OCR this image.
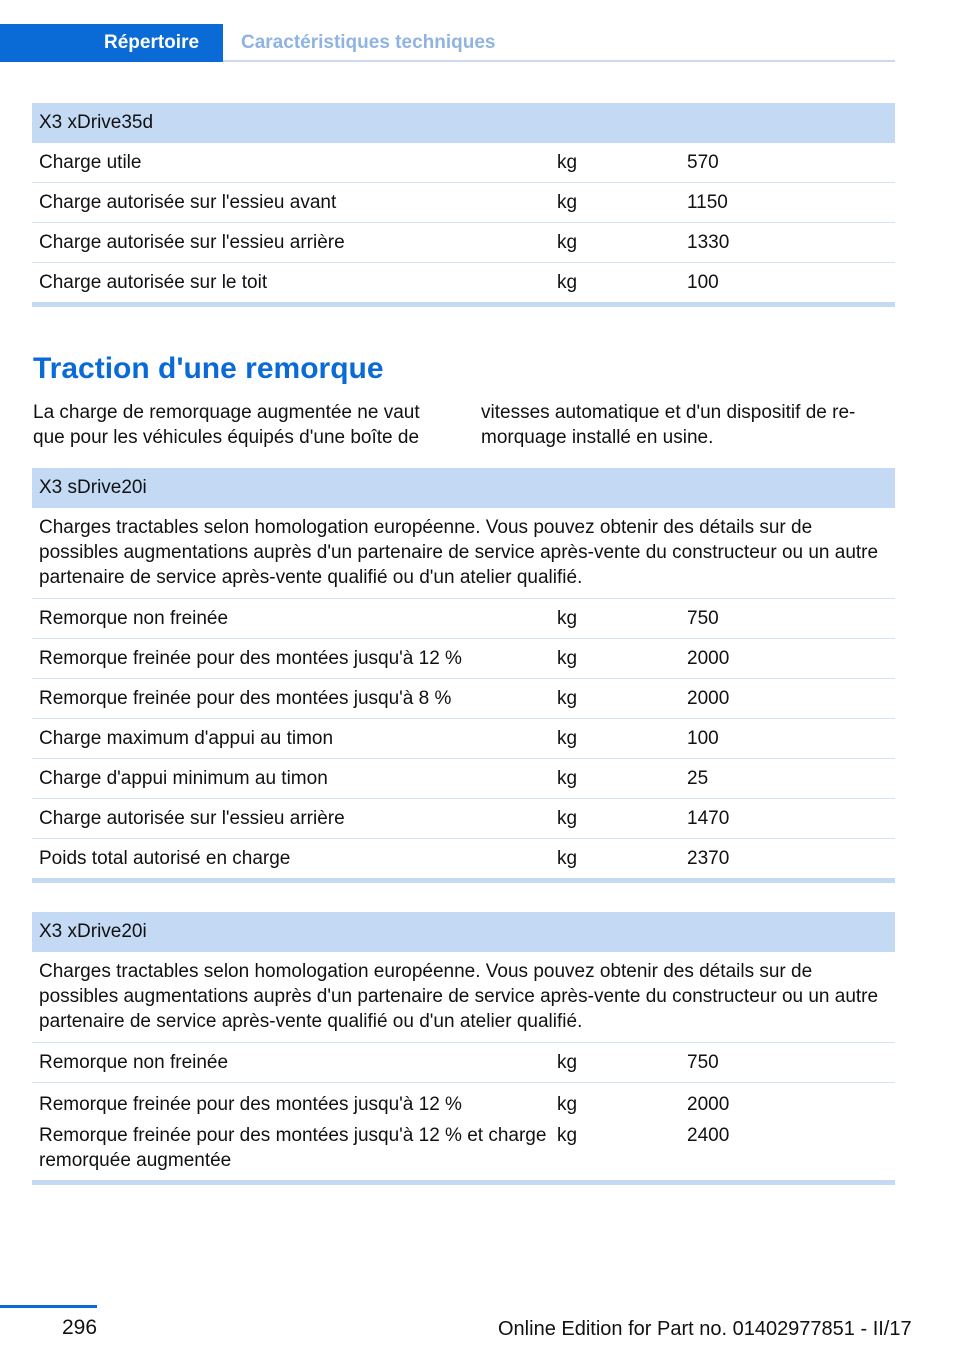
Répertoire	Caractéristiques techniques
X3 xDrive35d		
Charge utile	kg	570
Charge autorisée sur l'essieu avant	kg	1150
Charge autorisée sur l'essieu arrière	kg	1330
Charge autorisée sur le toit	kg	100
Traction d'une remorque
La charge de remorquage augmentée ne vaut que pour les véhicules équipés d'une boîte de
vitesses automatique et d'un dispositif de re-morquage installé en usine.
X3 sDrive20i		
Charges tractables selon homologation européenne. Vous pouvez obtenir des détails sur de possibles augmentations auprès d'un partenaire de service après-vente du constructeur ou un autre partenaire de service après-vente qualifié ou d'un atelier qualifié.		
Remorque non freinée	kg	750
Remorque freinée pour des montées jusqu'à 12 %	kg	2000
Remorque freinée pour des montées jusqu'à 8 %	kg	2000
Charge maximum d'appui au timon	kg	100
Charge d'appui minimum au timon	kg	25
Charge autorisée sur l'essieu arrière	kg	1470
Poids total autorisé en charge	kg	2370
X3 xDrive20i		
Charges tractables selon homologation européenne. Vous pouvez obtenir des détails sur de possibles augmentations auprès d'un partenaire de service après-vente du constructeur ou un autre partenaire de service après-vente qualifié ou d'un atelier qualifié.		
Remorque non freinée	kg	750
Remorque freinée pour des montées jusqu'à 12 %	kg	2000
Remorque freinée pour des montées jusqu'à 12 % et charge remorquée augmentée	kg	2400
296	Online Edition for Part no. 01402977851 - II/17
